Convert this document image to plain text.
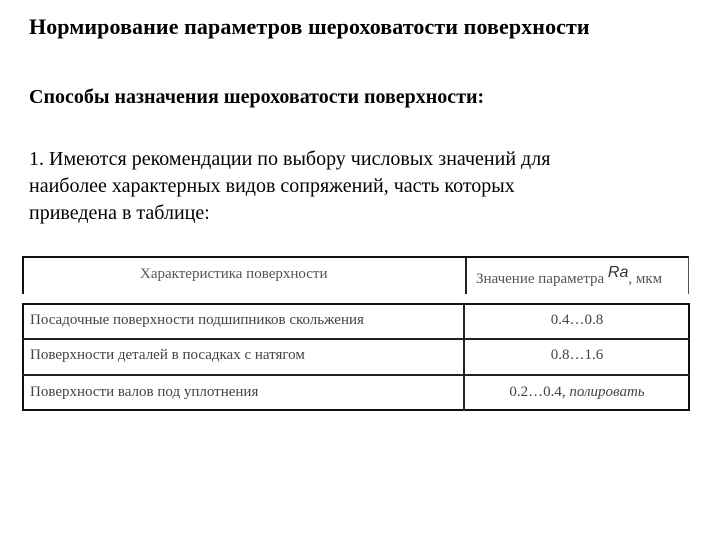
Нормирование параметров шероховатости поверхности
Способы назначения шероховатости поверхности:
1. Имеются рекомендации по выбору числовых значений для
наиболее характерных видов сопряжений, часть которых
приведена в таблице:
Характеристика поверхности	Значение параметра Ra, мкм
Посадочные поверхности подшипников скольжения	0.4…0.8
Поверхности деталей в посадках с натягом	0.8…1.6
Поверхности валов под уплотнения	0.2…0.4, полировать
